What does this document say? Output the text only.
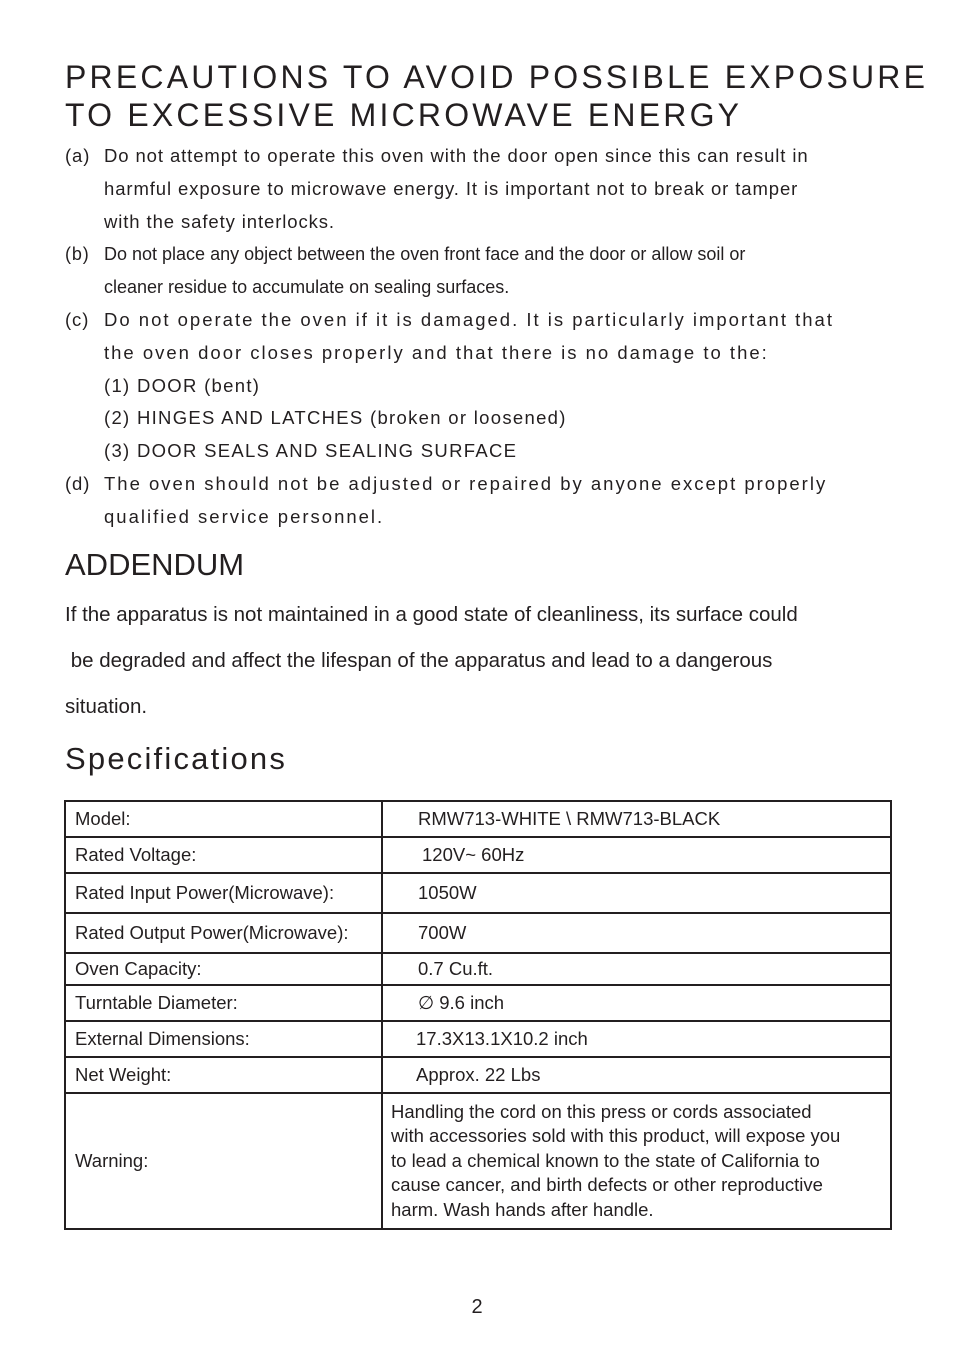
PRECAUTIONS TO AVOID POSSIBLE EXPOSURE
TO EXCESSIVE MICROWAVE ENERGY
(a) Do not attempt to operate this oven with the door open since this can result in
harmful exposure to microwave energy. It is important not to break or tamper
with the safety interlocks.
(b) Do not place any object between the oven front face and the door or allow soil or
cleaner residue to accumulate on sealing surfaces.
(c) Do not operate the oven if it is damaged. It is particularly important that
the oven door closes properly and that there is no damage to the:
(1) DOOR (bent)
(2) HINGES AND LATCHES (broken or loosened)
(3) DOOR SEALS AND SEALING SURFACE
(d) The oven should not be adjusted or repaired by anyone except properly
qualified service personnel.
ADDENDUM
If the apparatus is not maintained in a good state of cleanliness, its surface could
be degraded and affect the lifespan of the apparatus and lead to a dangerous
situation.
Specifications
Model:	RMW713-WHITE \ RMW713-BLACK
Rated Voltage:	120V~ 60Hz
Rated Input Power(Microwave):	1050W
Rated Output Power(Microwave):	700W
Oven Capacity:	0.7 Cu.ft.
Turntable Diameter:	∅ 9.6 inch
External Dimensions:	17.3X13.1X10.2 inch
Net Weight:	Approx. 22 Lbs
Warning:	Handling the cord on this press or cords associated
with accessories sold with this product, will expose you
to lead a chemical known to the state of California to
cause cancer, and birth defects or other reproductive
harm. Wash hands after handle.
2
